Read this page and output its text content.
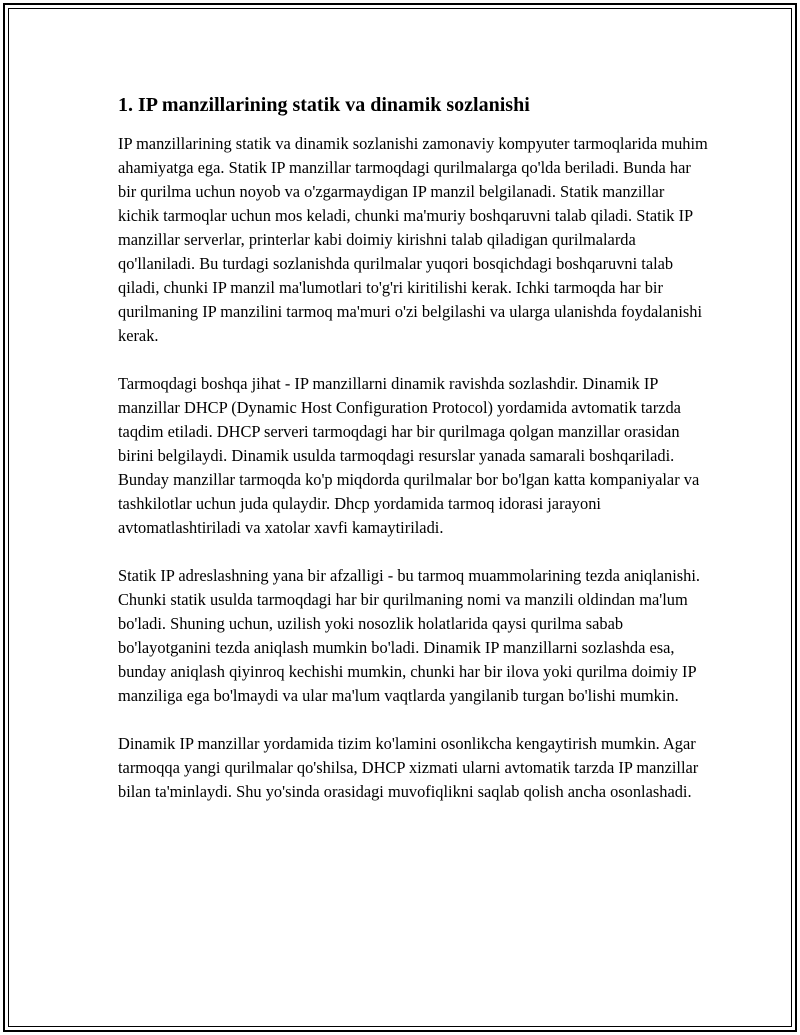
1. IP manzillarining statik va dinamik sozlanishi

IP manzillarining statik va dinamik sozlanishi zamonaviy kompyuter tarmoqlarida muhim ahamiyatga ega. Statik IP manzillar tarmoqdagi qurilmalarga qo'lda beriladi. Bunda har bir qurilma uchun noyob va o'zgarmaydigan IP manzil belgilanadi. Statik manzillar kichik tarmoqlar uchun mos keladi, chunki ma'muriy boshqaruvni talab qiladi. Statik IP manzillar serverlar, printerlar kabi doimiy kirishni talab qiladigan qurilmalarda qo'llaniladi. Bu turdagi sozlanishda qurilmalar yuqori bosqichdagi boshqaruvni talab qiladi, chunki IP manzil ma'lumotlari to'g'ri kiritilishi kerak. Ichki tarmoqda har bir qurilmaning IP manzilini tarmoq ma'muri o'zi belgilashi va ularga ulanishda foydalanishi kerak.

Tarmoqdagi boshqa jihat - IP manzillarni dinamik ravishda sozlashdir. Dinamik IP manzillar DHCP (Dynamic Host Configuration Protocol) yordamida avtomatik tarzda taqdim etiladi. DHCP serveri tarmoqdagi har bir qurilmaga qolgan manzillar orasidan birini belgilaydi. Dinamik usulda tarmoqdagi resurslar yanada samarali boshqariladi. Bunday manzillar tarmoqda ko'p miqdorda qurilmalar bor bo'lgan katta kompaniyalar va tashkilotlar uchun juda qulaydir. Dhcp yordamida tarmoq idorasi jarayoni avtomatlashtiriladi va xatolar xavfi kamaytiriladi.

Statik IP adreslashning yana bir afzalligi - bu tarmoq muammolarining tezda aniqlanishi. Chunki statik usulda tarmoqdagi har bir qurilmaning nomi va manzili oldindan ma'lum bo'ladi. Shuning uchun, uzilish yoki nosozlik holatlarida qaysi qurilma sabab bo'layotganini tezda aniqlash mumkin bo'ladi. Dinamik IP manzillarni sozlashda esa, bunday aniqlash qiyinroq kechishi mumkin, chunki har bir ilova yoki qurilma doimiy IP manziliga ega bo'lmaydi va ular ma'lum vaqtlarda yangilanib turgan bo'lishi mumkin.

Dinamik IP manzillar yordamida tizim ko'lamini osonlikcha kengaytirish mumkin. Agar tarmoqqa yangi qurilmalar qo'shilsa, DHCP xizmati ularni avtomatik tarzda IP manzillar bilan ta'minlaydi. Shu yo'sinda orasidagi muvofiqlikni saqlab qolish ancha osonlashadi.
